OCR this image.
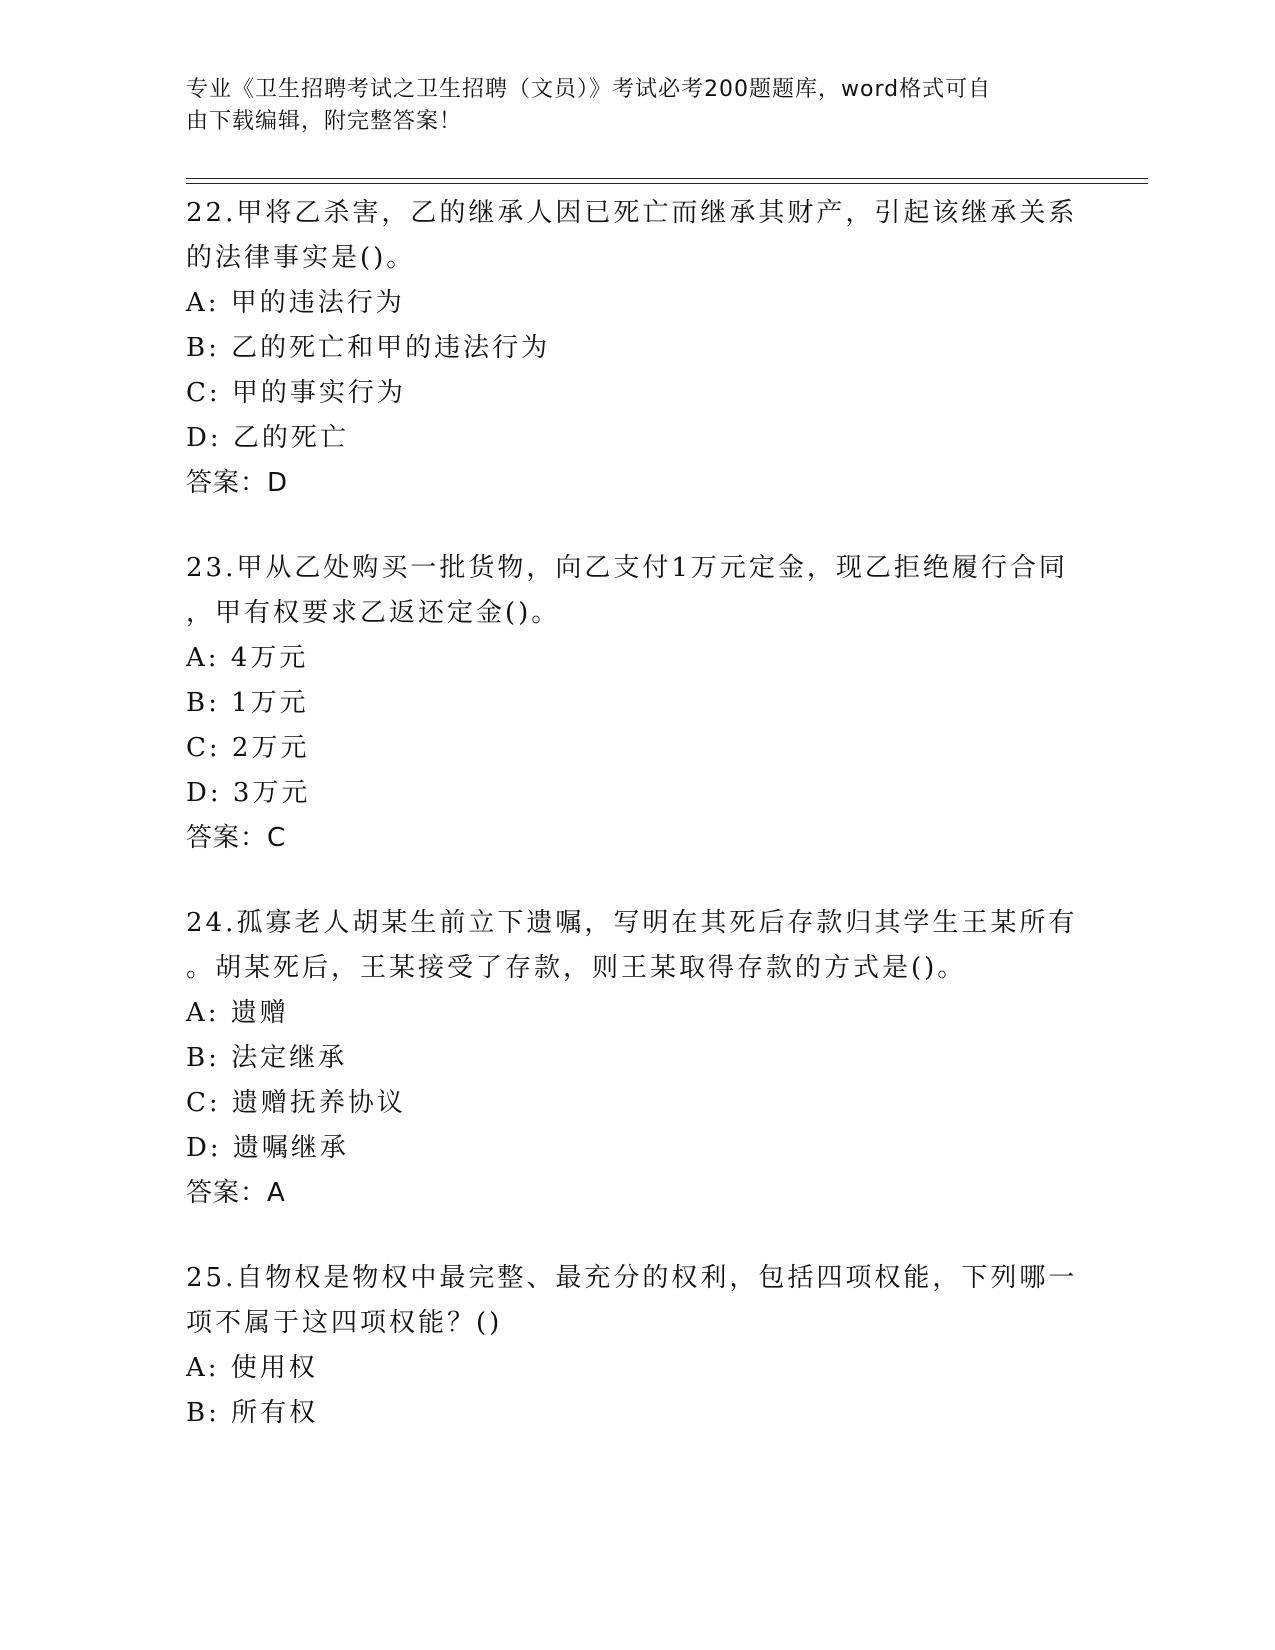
专业《卫生招聘考试之卫生招聘（文员）》考试必考200题题库，word格式可自
由下载编辑，附完整答案！

22.甲将乙杀害，乙的继承人因已死亡而继承其财产，引起该继承关系

的法律事实是()。

A: 甲的违法行为

B: 乙的死亡和甲的违法行为

C: 甲的事实行为

D: 乙的死亡

答案：D

23.甲从乙处购买一批货物，向乙支付1万元定金，现乙拒绝履行合同

，甲有权要求乙返还定金()。

A: 4万元

B: 1万元

C: 2万元

D: 3万元

答案：C

24.孤寡老人胡某生前立下遗嘱，写明在其死后存款归其学生王某所有

。胡某死后，王某接受了存款，则王某取得存款的方式是()。

A: 遗赠

B: 法定继承

C: 遗赠抚养协议

D: 遗嘱继承

答案：A

25.自物权是物权中最完整、最充分的权利，包括四项权能，下列哪一

项不属于这四项权能？()

A: 使用权

B: 所有权
